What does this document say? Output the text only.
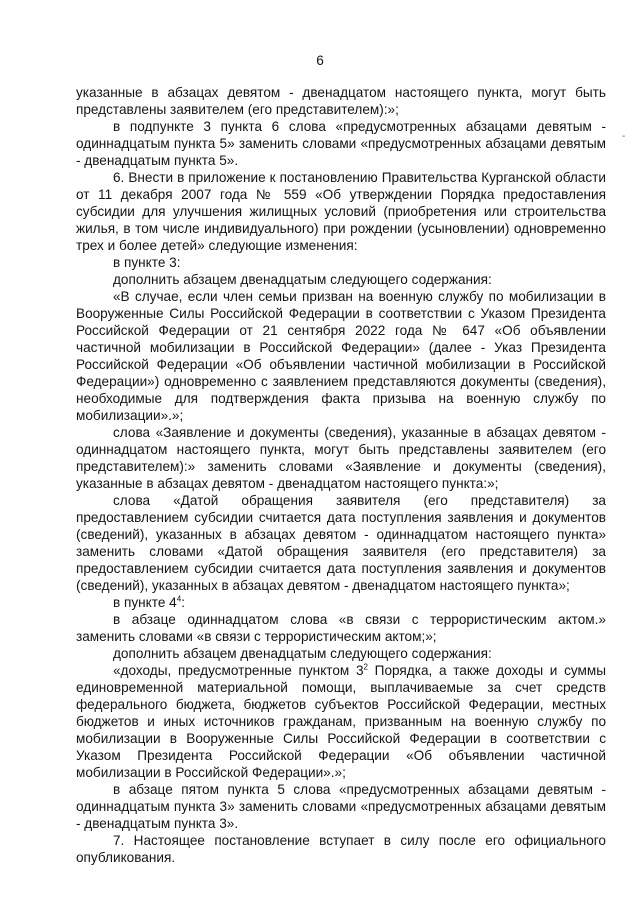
6
-

указанные в абзацах девятом - двенадцатом настоящего пункта, могут быть представлены заявителем (его представителем):»;

в подпункте 3 пункта 6 слова «предусмотренных абзацами девятым - одиннадцатым пункта 5» заменить словами «предусмотренных абзацами девятым - двенадцатым пункта 5».

6. Внести в приложение к постановлению Правительства Курганской области от 11 декабря 2007 года № 559 «Об утверждении Порядка предоставления субсидии для улучшения жилищных условий (приобретения или строительства жилья, в том числе индивидуального) при рождении (усыновлении) одновременно трех и более детей» следующие изменения:

в пункте 3:

дополнить абзацем двенадцатым следующего содержания:

«В случае, если член семьи призван на военную службу по мобилизации в Вооруженные Силы Российской Федерации в соответствии с Указом Президента Российской Федерации от 21 сентября 2022 года № 647 «Об объявлении частичной мобилизации в Российской Федерации» (далее - Указ Президента Российской Федерации «Об объявлении частичной мобилизации в Российской Федерации») одновременно с заявлением представляются документы (сведения), необходимые для подтверждения факта призыва на военную службу по мобилизации».»;

слова «Заявление и документы (сведения), указанные в абзацах девятом - одиннадцатом настоящего пункта, могут быть представлены заявителем (его представителем):» заменить словами «Заявление и документы (сведения), указанные в абзацах девятом - двенадцатом настоящего пункта:»;

слова «Датой обращения заявителя (его представителя) за предоставлением субсидии считается дата поступления заявления и документов (сведений), указанных в абзацах девятом - одиннадцатом настоящего пункта» заменить словами «Датой обращения заявителя (его представителя) за предоставлением субсидии считается дата поступления заявления и документов (сведений), указанных в абзацах девятом - двенадцатом настоящего пункта»;

в пункте $4^4$:

в абзаце одиннадцатом слова «в связи с террористическим актом.» заменить словами «в связи с террористическим актом;»;

дополнить абзацем двенадцатым следующего содержания:

«доходы, предусмотренные пунктом $3^2$ Порядка, а также доходы и суммы единовременной материальной помощи, выплачиваемые за счет средств федерального бюджета, бюджетов субъектов Российской Федерации, местных бюджетов и иных источников гражданам, призванным на военную службу по мобилизации в Вооруженные Силы Российской Федерации в соответствии с Указом Президента Российской Федерации «Об объявлении частичной мобилизации в Российской Федерации».»;

в абзаце пятом пункта 5 слова «предусмотренных абзацами девятым - одиннадцатым пункта 3» заменить словами «предусмотренных абзацами девятым - двенадцатым пункта 3».

7. Настоящее постановление вступает в силу после его официального опубликования.
